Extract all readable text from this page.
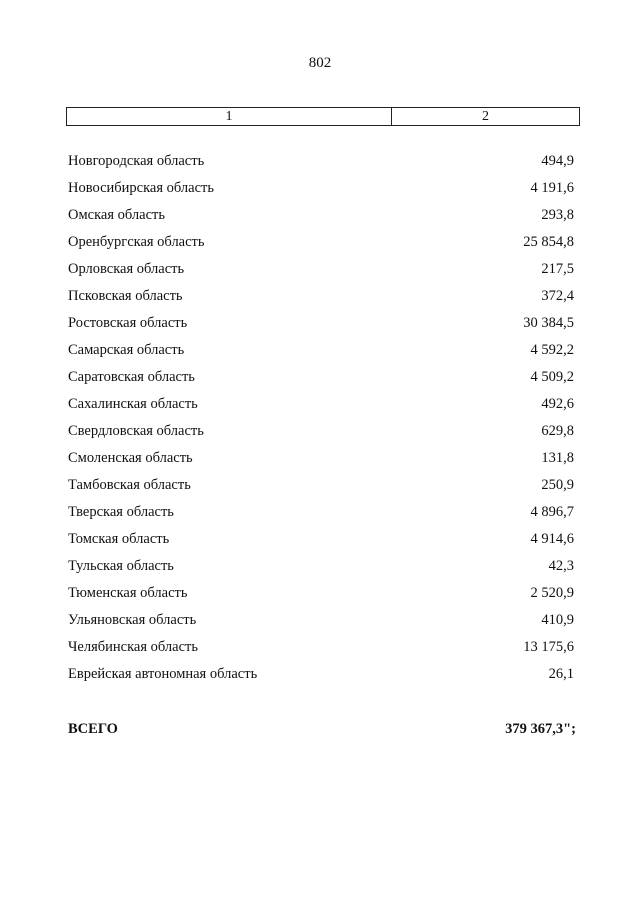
802
1	2
Новгородская область	494,9
Новосибирская область	4 191,6
Омская область	293,8
Оренбургская область	25 854,8
Орловская область	217,5
Псковская область	372,4
Ростовская область	30 384,5
Самарская область	4 592,2
Саратовская область	4 509,2
Сахалинская область	492,6
Свердловская область	629,8
Смоленская область	131,8
Тамбовская область	250,9
Тверская область	4 896,7
Томская область	4 914,6
Тульская область	42,3
Тюменская область	2 520,9
Ульяновская область	410,9
Челябинская область	13 175,6
Еврейская автономная область	26,1
ВСЕГО	379 367,3";
